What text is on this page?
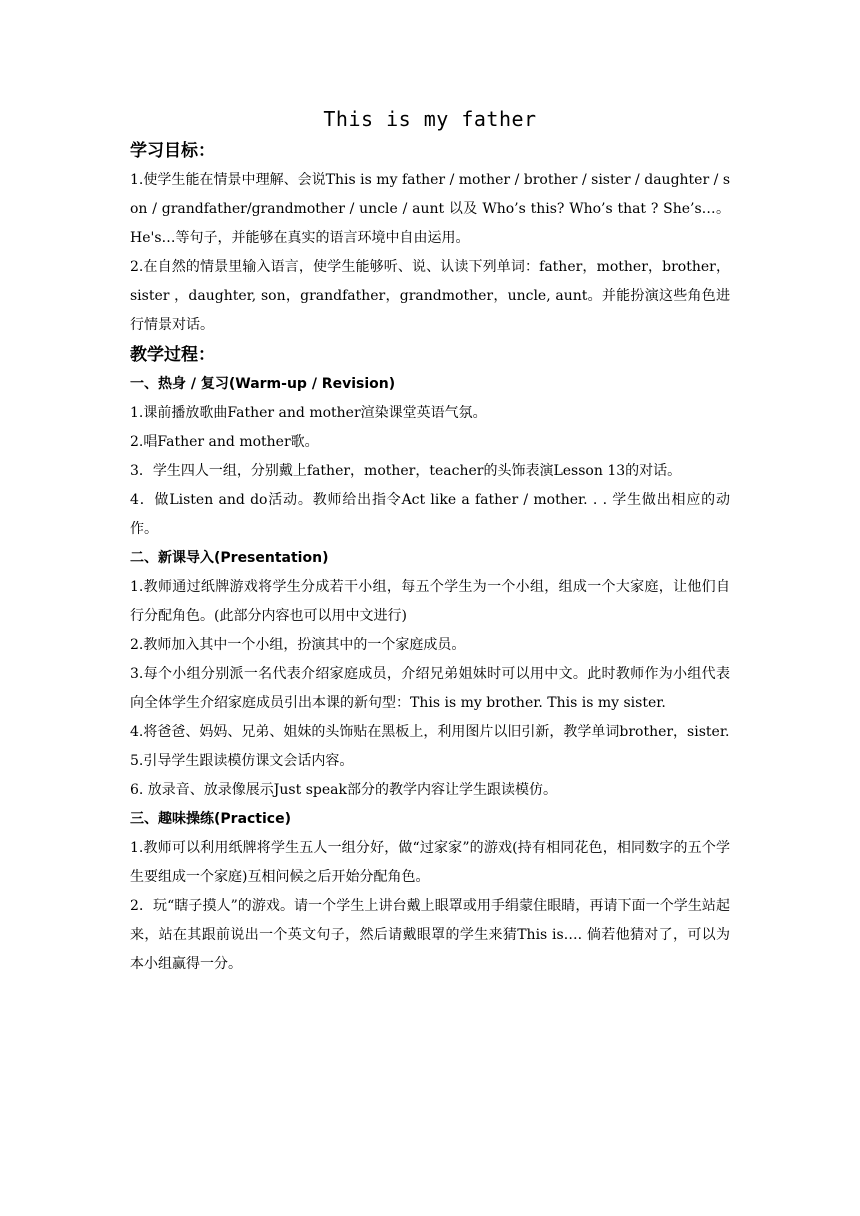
This is my father
学习目标：

1.使学生能在情景中理解、会说This is my father / mother / brother / sister / daughter / son / grandfather/grandmother / uncle / aunt 以及 Who’s this? Who’s that ? She’s…。He's…等句子，并能够在真实的语言环境中自由运用。

2.在自然的情景里输入语言，使学生能够听、说、认读下列单词：father，mother，brother，sister ，daughter, son，grandfather，grandmother，uncle, aunt。并能扮演这些角色进行情景对话。

教学过程：
一、热身 / 复习(Warm-up / Revision)

1.课前播放歌曲Father and mother渲染课堂英语气氛。

2.唱Father and mother歌。

3．学生四人一组，分别戴上father，mother，teacher的头饰表演Lesson 13的对话。

4．做Listen and do活动。教师给出指令Act like a father / mother. . . 学生做出相应的动作。

二、新课导入(Presentation)

1.教师通过纸牌游戏将学生分成若干小组，每五个学生为一个小组，组成一个大家庭，让他们自行分配角色。(此部分内容也可以用中文进行)

2.教师加入其中一个小组，扮演其中的一个家庭成员。

3.每个小组分别派一名代表介绍家庭成员，介绍兄弟姐妹时可以用中文。此时教师作为小组代表向全体学生介绍家庭成员引出本课的新句型：This is my brother. This is my sister.

4.将爸爸、妈妈、兄弟、姐妹的头饰贴在黑板上，利用图片以旧引新，教学单词brother，sister.

5.引导学生跟读模仿课文会话内容。

6. 放录音、放录像展示Just speak部分的教学内容让学生跟读模仿。

三、趣味操练(Practice)

1.教师可以利用纸牌将学生五人一组分好，做“过家家”的游戏(持有相同花色，相同数字的五个学生要组成一个家庭)互相问候之后开始分配角色。

2．玩“瞎子摸人”的游戏。请一个学生上讲台戴上眼罩或用手绢蒙住眼睛，再请下面一个学生站起来，站在其跟前说出一个英文句子，然后请戴眼罩的学生来猜This is…. 倘若他猜对了，可以为本小组赢得一分。
